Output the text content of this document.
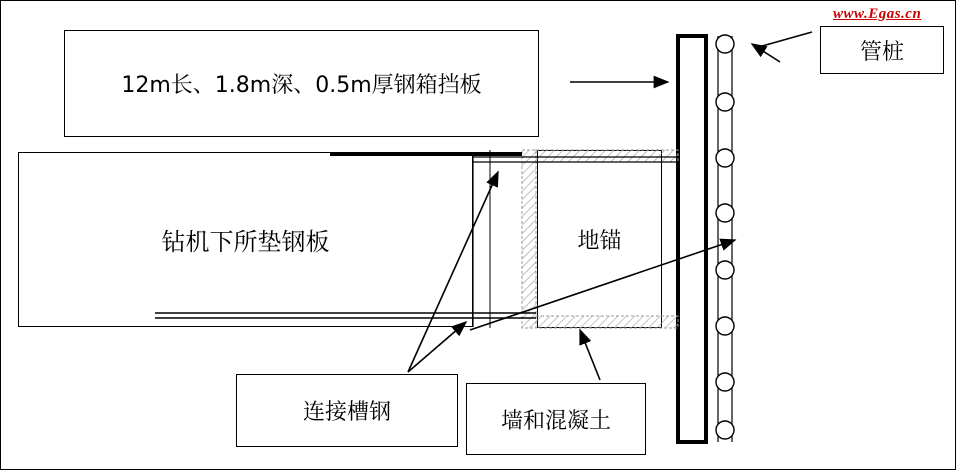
www.Egas.cn
12m长、1.8m深、0.5m厚钢箱挡板
管桩
钻机下所垫钢板	地锚
连接槽钢	墙和混凝土
